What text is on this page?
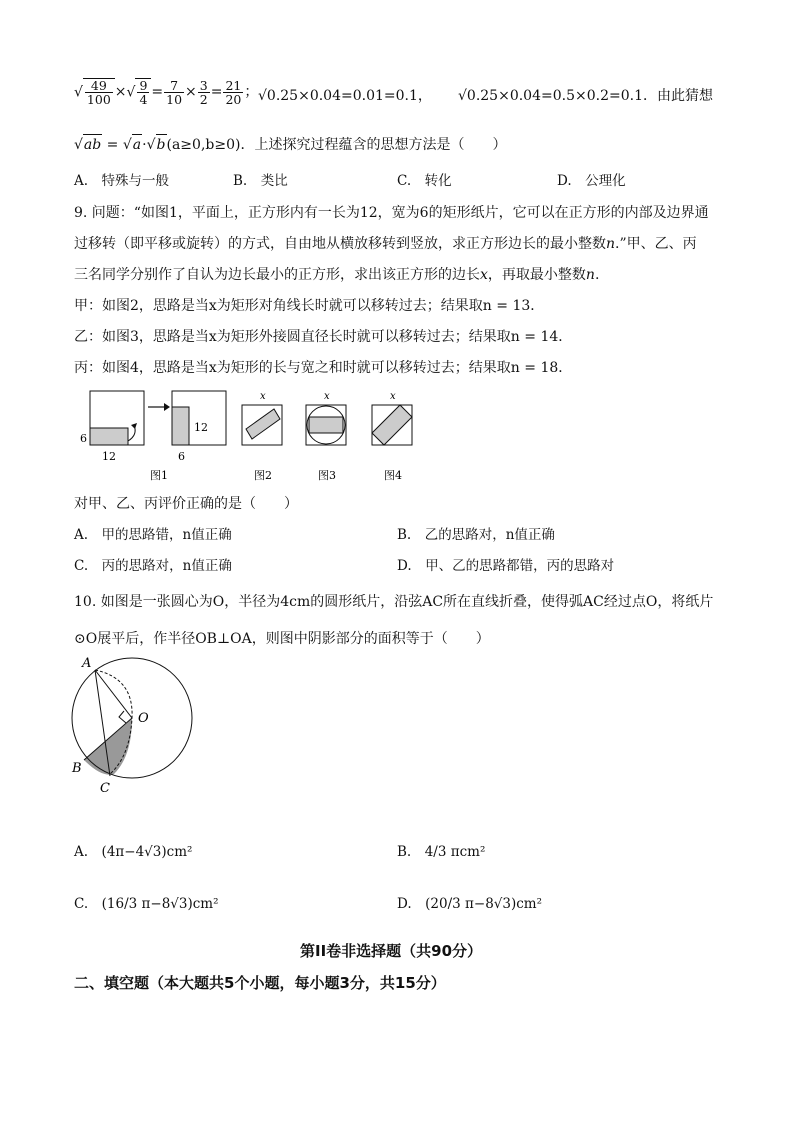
√ $\frac{49}{100}$ ×√ $\frac{9}{4} = \frac{7}{10} \times \frac{3}{2} = \frac{21}{20}$ ； √0.25×0.04=0.01=0.1， √0.25×0.04=0.5×0.2=0.1．由此猜想
√ab = √a·√b(a≥0,b≥0)．上述探究过程蕴含的思想方法是（　　）
A.　 特殊与一般	B.　 类比	C.　 转化	D.　 公理化
9. 问题：“如图1，平面上，正方形内有一长为12，宽为6的矩形纸片，它可以在正方形的内部及边界通
过移转（即平移或旋转）的方式，自由地从横放移转到竖放，求正方形边长的最小整数n.”甲、乙、丙
三名同学分别作了自认为边长最小的正方形，求出该正方形的边长x，再取最小整数n.
甲：如图2，思路是当x为矩形对角线长时就可以移转过去；结果取n = 13．
乙：如图3，思路是当x为矩形外接圆直径长时就可以移转过去；结果取n = 14．
丙：如图4，思路是当x为矩形的长与宽之和时就可以移转过去；结果取n = 18．
6
12
12
6
图1
x
图2
x
图3
x
图4
对甲、乙、丙评价正确的是（　　）
A.　 甲的思路错，n值正确	B.　 乙的思路对，n值正确
C.　 丙的思路对，n值正确	D.　 甲、乙的思路都错，丙的思路对
10. 如图是一张圆心为O，半径为4cm的圆形纸片，沿弦AC所在直线折叠，使得弧AC经过点O，将纸片
⊙O展平后，作半径OB⊥OA，则图中阴影部分的面积等于（　　）
A
O
B
C
A.　 (4π−4√3)cm²	B.　 4/3 πcm²
C.　 (16/3 π−8√3)cm²	D.　 (20/3 π−8√3)cm²
第II卷非选择题（共90分）
二、填空题（本大题共5个小题，每小题3分，共15分）
